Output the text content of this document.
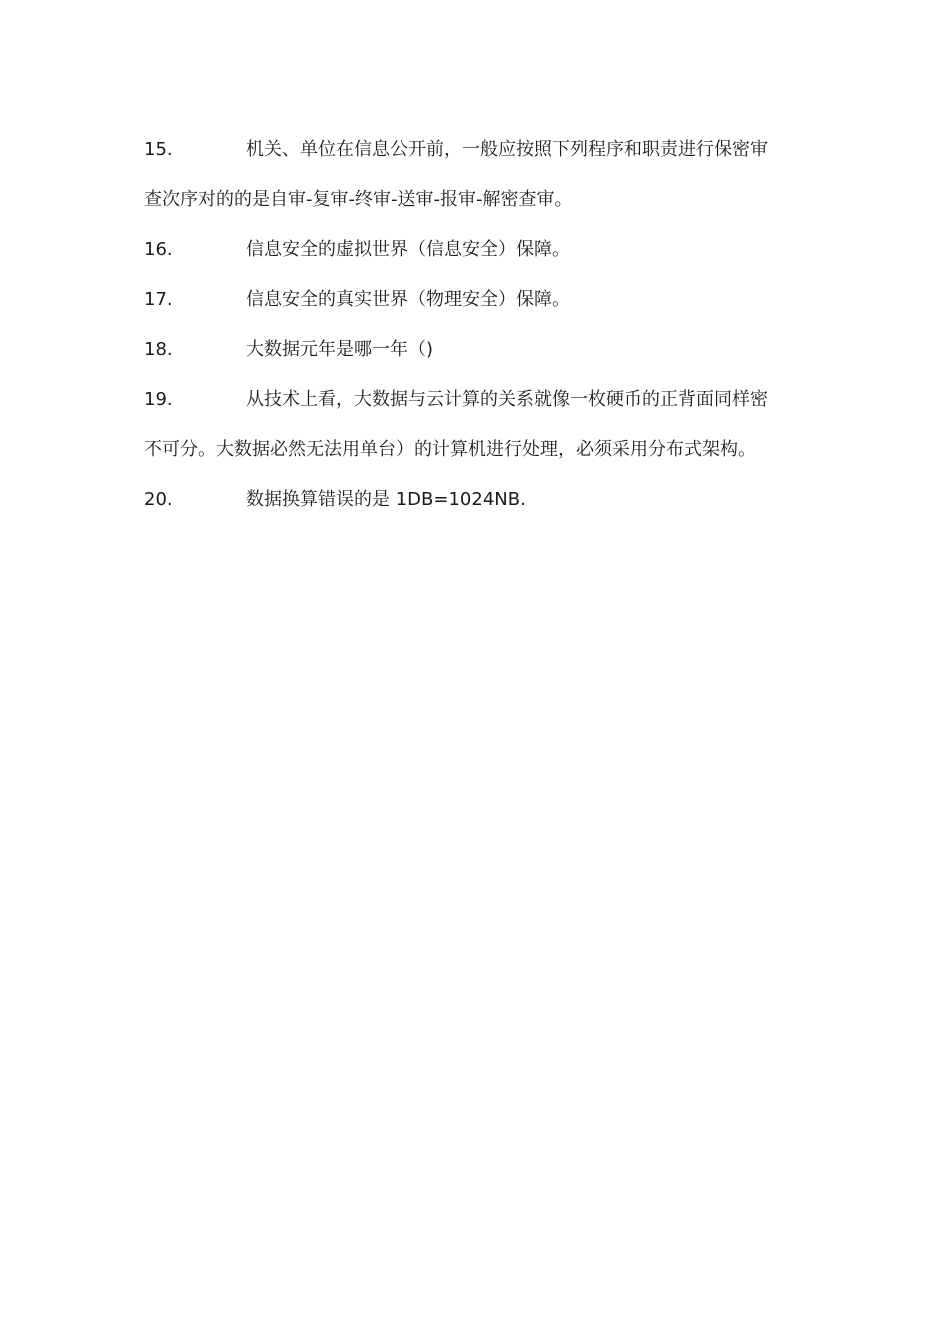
15.	机关、单位在信息公开前，一般应按照下列程序和职责进行保密审
查次序对的的是自审-复审-终审-送审-报审-解密查审。
16.	信息安全的虚拟世界（信息安全）保障。
17.	信息安全的真实世界（物理安全）保障。
18.	大数据元年是哪一年（)
19.	从技术上看，大数据与云计算的关系就像一枚硬币的正背面同样密
不可分。大数据必然无法用单台）的计算机进行处理，必须采用分布式架构。
20.	数据换算错误的是 1DB=1024NB.
